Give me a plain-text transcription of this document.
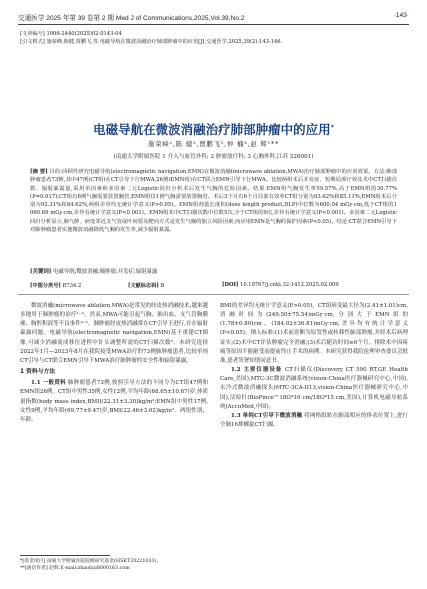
交通医学 2025 年第 39 卷第 2 期 Med J of Communications,2025,Vol.39,No.2	·143·
[文章编号] 1006-2440(2025)02-0143-04
[引文格式] 施荣峰,陈健,贾鹏飞,等.电磁导航在微波消融治疗肺部肿瘤中的应用[J].交通医学,2025,39(2):143-146.
电磁导航在微波消融治疗肺部肿瘤中的应用*
施荣峰¹,陈 健²,贾鹏飞¹,仲 楠³,赵 辉¹**
(南通大学附属医院 1 介入与血管外科; 2 肿瘤放疗科; 3 心胸外科,江苏 226001)

[摘 要] 目的:回顾性研究电磁导航(electromagnetic navigation,EMN)在微波消融(microwave ablation,MWA)治疗肺部肿瘤中的应用效果。方法:肺部肿瘤患者73例,其中47例(CT组)在CT引导下行MWA,26例(EMN组)在CT联合EMN引导下行MWA。比较两组术后并发症、短期局部疗效及术中CT扫描次数、辐射暴露量,采用单因素和多因素二元Logistic回归分析术后发生气胸的危险因素。结果:EMN组气胸发生率59.57%,高于EMN组的30.77%(P=0.017);CT组有6例气胸需要放置胸管,EMN组仅1例气胸需要放置胸管。术后3个月有6个月局部有效率CT组分别为93.62%和85.11%,EMN组术后分别为92.31%和84.62%,两组差异均无统计学意义(P>0.05)。EMN组剂量长度积(dose length product,DLP)中位数为600.04 mGy·cm,低于CT组的1 060.69 mGy·cm,差异有统计学意义(P<0.001)。EMN组术中CT扫描次数中位数5次,少于CT组的9次,差异有统计学意义(P<0.001)。多因素二元Logistic回归分析显示,肺气肿、病变邻近支气管或叶间裂及靶向方式是发生气胸的独立风险因素,而应用EMN是气胸的保护因素(P<0.05)。结论:CT联合EMN引导下对肺肿瘤患者实施微波消融降低气胸的发生率,减少辐射暴露。

[关键词] 电磁导航;微波消融;肺肿瘤;并发症;辐射暴露
[中图分类号] R734.2	[文献标志码] B	[DOI] 10.19767/j.cnki.32-1412.2025.02.009

微波消融(microwave ablation,MWA)是常见的经皮热消融技术,越来越多地用于肺肿瘤的治疗¹⁻³。然而,MWA可能引起气胸、肺出血、支气管胸膜瘘、胸腔积液等不良事件⁴⁻⁵。肺肿瘤经皮热消融常在CT引导下进行,存在辐射暴露问题。电磁导航(electromagnetic navigation,EMN)基于重建CT图像,可减少消融流成移位进程中针头调整所需的CT扫描次数⁶。本研究选择2022年1月—2023年8月在我院接受MWA治疗的73例肺肿瘤患者,比较单纯CT引导与CT联合EMN引导下MWA治疗肺肿瘤的安全性和辐射暴露。

1 资料与方法

1.1 一般资料 肺肿瘤患者73例,按照引导方法的不同分为CT组47例和EMN组26例。CT组中男性35例,女性12例,平均年龄(68.65±10.67)岁,体质量指数(body mass index,BMI)(22.31±3.30)kg/m²;EMN组中男性17例,女性9例,平均年龄(69.77±9.47)岁,BMI(22.46±3.02)kg/m²。两组性别、年龄、

BMI的差异均无统计学意义(P>0.05)。CT组病变最大径为(2.41±1.01)cm,消融时间为(249.50±75.54)mGy·cm,分别大于EMN组的(1.78±0.80)cm、(184.02±36.81)mGy·cm,差异均有统计学意义(P<0.05)。纳入标准:(1)术前诊断为原发性或转移性肺部肿瘤,并经术后病理证实;(2)术中CT评估肿瘤完全消融;(3)术后随访时间≥6个月。排除术中因疼痛等原因不能耐受而提前终止手术的病例。本研究获得我院伦理审查委员会批准,患者签署知情同意书。

1.2 主要仪器设备 CT扫描仪(Discovery CT 590 RT,GE Health Care,美国),MTC-3C微波消融系统(vision-China医疗器械研究中心,中国),水冷式微波消融探头(MTC-3CA-II13,vision-China医疗器械研究中心,中国),活检针(BioPince™18G*10 cm/18G*15 cm,美国),计算机电磁导航系统(AccuMed,中国)。

1.3 单纯CT引导下微波消融 将网格纸贴在肺部相应的体表位置上,进行全肺16排螺旋CT扫描。

*[基金项目] 南通大学附属医院院级研究基金(HSKT20221033)。
**[通信作者] 赵辉,E-mail:zhaohui8000163.com
